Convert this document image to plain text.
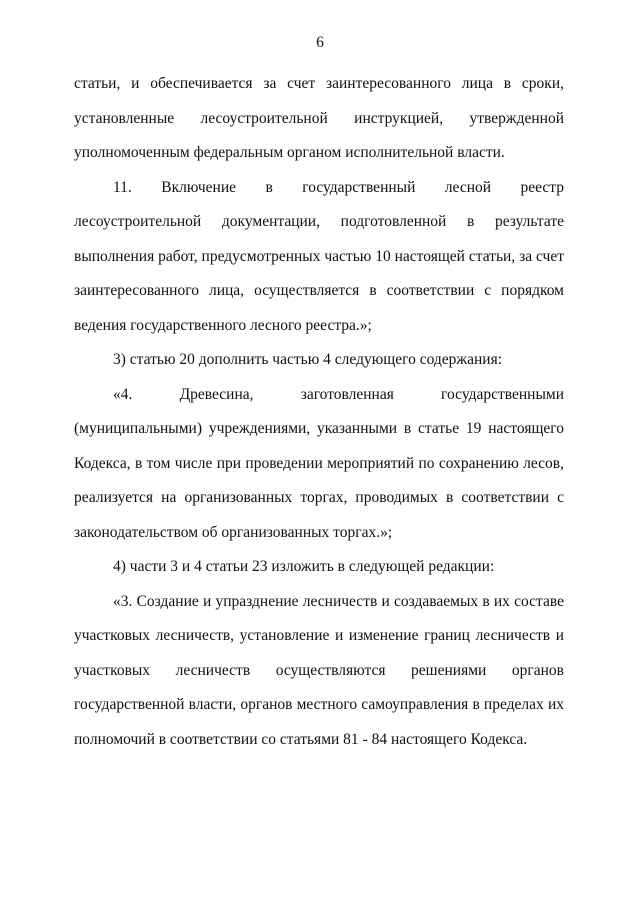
6

статьи, и обеспечивается за счет заинтересованного лица в сроки, установленные лесоустроительной инструкцией, утвержденной уполномоченным федеральным органом исполнительной власти.

11. Включение в государственный лесной реестр лесоустроительной документации, подготовленной в результате выполнения работ, предусмотренных частью 10 настоящей статьи, за счет заинтересованного лица, осуществляется в соответствии с порядком ведения государственного лесного реестра.»;

3) статью 20 дополнить частью 4 следующего содержания:

«4. Древесина, заготовленная государственными (муниципальными) учреждениями, указанными в статье 19 настоящего Кодекса, в том числе при проведении мероприятий по сохранению лесов, реализуется на организованных торгах, проводимых в соответствии с законодательством об организованных торгах.»;

4) части 3 и 4 статьи 23 изложить в следующей редакции:

«3. Создание и упразднение лесничеств и создаваемых в их составе участковых лесничеств, установление и изменение границ лесничеств и участковых лесничеств осуществляются решениями органов государственной власти, органов местного самоуправления в пределах их полномочий в соответствии со статьями 81 - 84 настоящего Кодекса.
